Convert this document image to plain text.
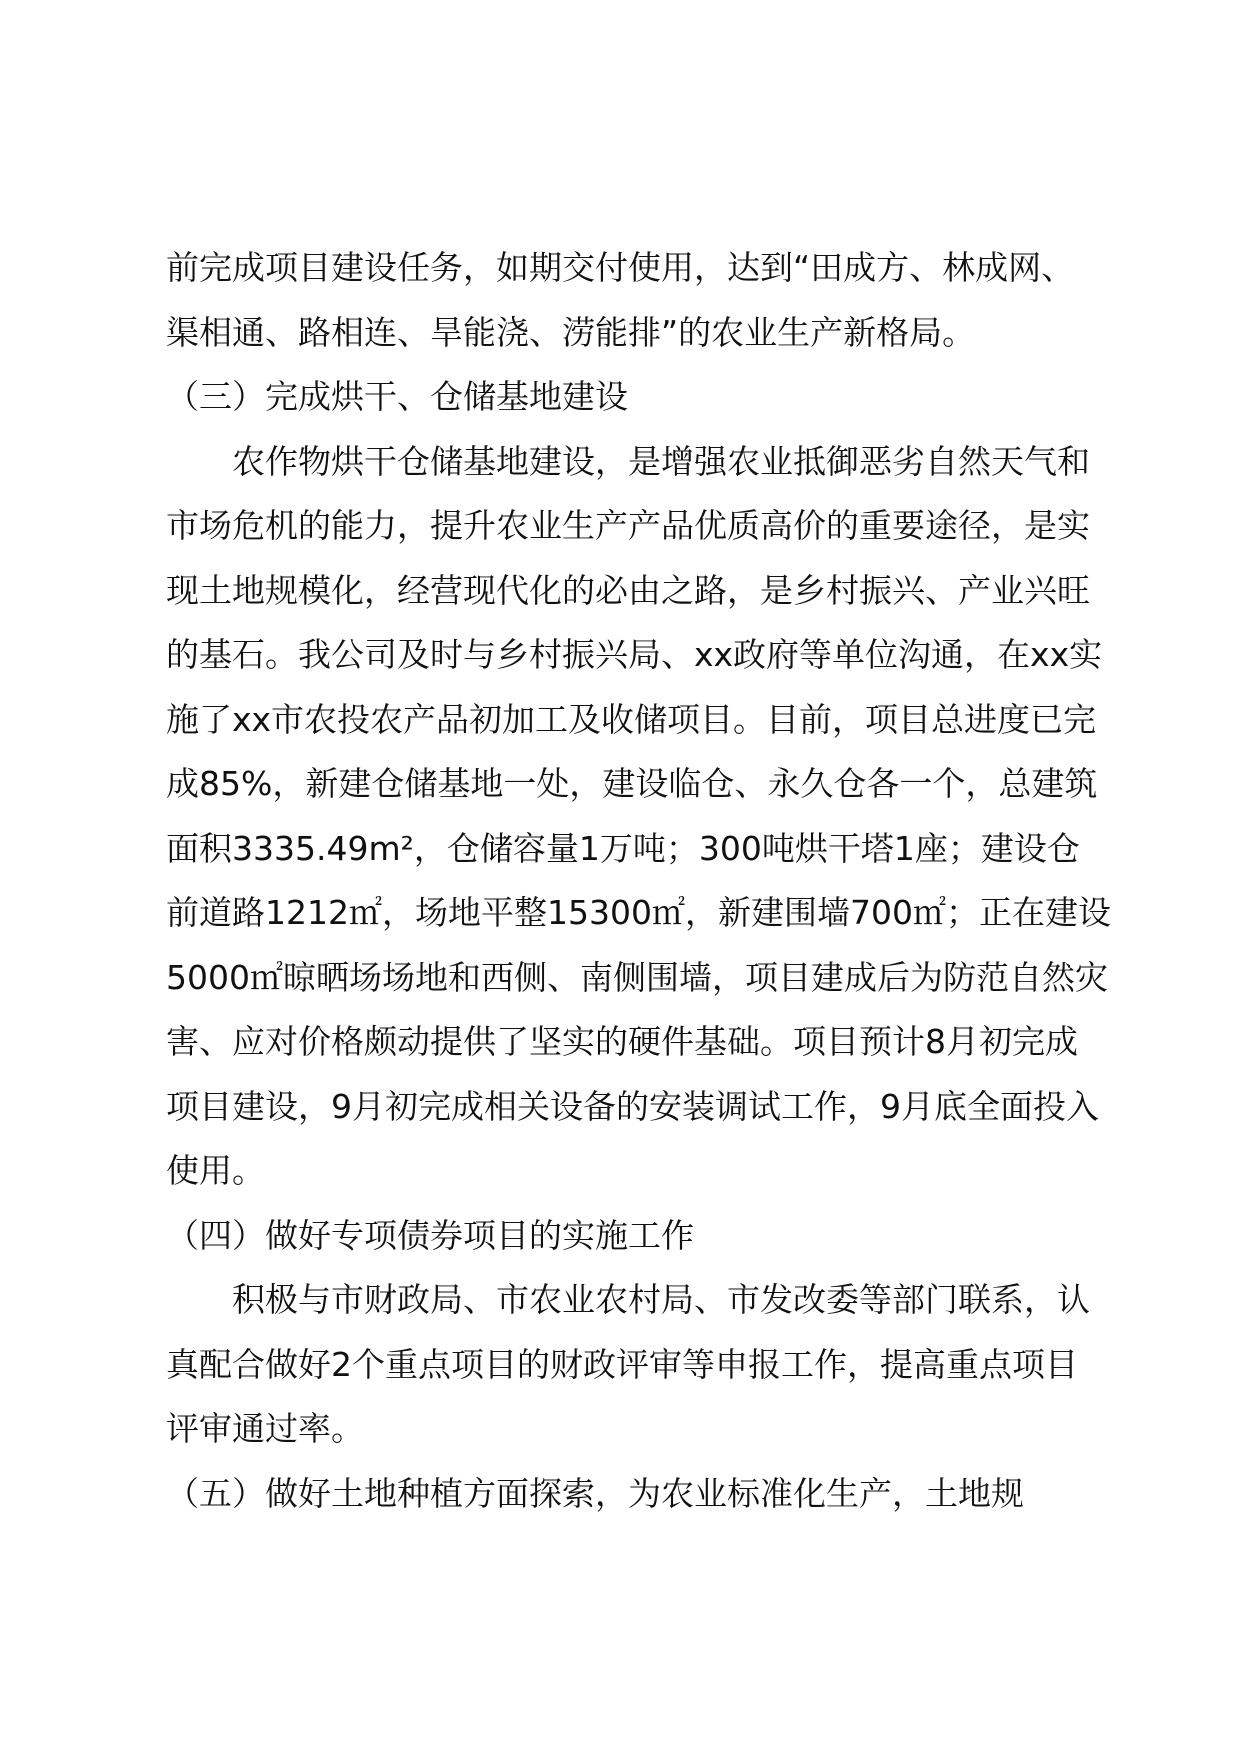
前完成项目建设任务，如期交付使用，达到“田成方、林成网、
渠相通、路相连、旱能浇、涝能排”的农业生产新格局。

（三）完成烘干、仓储基地建设

农作物烘干仓储基地建设，是增强农业抵御恶劣自然天气和
市场危机的能力，提升农业生产产品优质高价的重要途径，是实
现土地规模化，经营现代化的必由之路，是乡村振兴、产业兴旺
的基石。我公司及时与乡村振兴局、xx政府等单位沟通，在xx实
施了xx市农投农产品初加工及收储项目。目前，项目总进度已完
成85%，新建仓储基地一处，建设临仓、永久仓各一个，总建筑
面积3335.49m²，仓储容量1万吨；300吨烘干塔1座；建设仓
前道路1212㎡，场地平整15300㎡，新建围墙700㎡；正在建设
5000㎡晾晒场场地和西侧、南侧围墙，项目建成后为防范自然灾
害、应对价格颇动提供了坚实的硬件基础。项目预计8月初完成
项目建设，9月初完成相关设备的安装调试工作，9月底全面投入
使用。

（四）做好专项债券项目的实施工作

积极与市财政局、市农业农村局、市发改委等部门联系，认
真配合做好2个重点项目的财政评审等申报工作，提高重点项目
评审通过率。

（五）做好土地种植方面探索，为农业标准化生产，土地规
